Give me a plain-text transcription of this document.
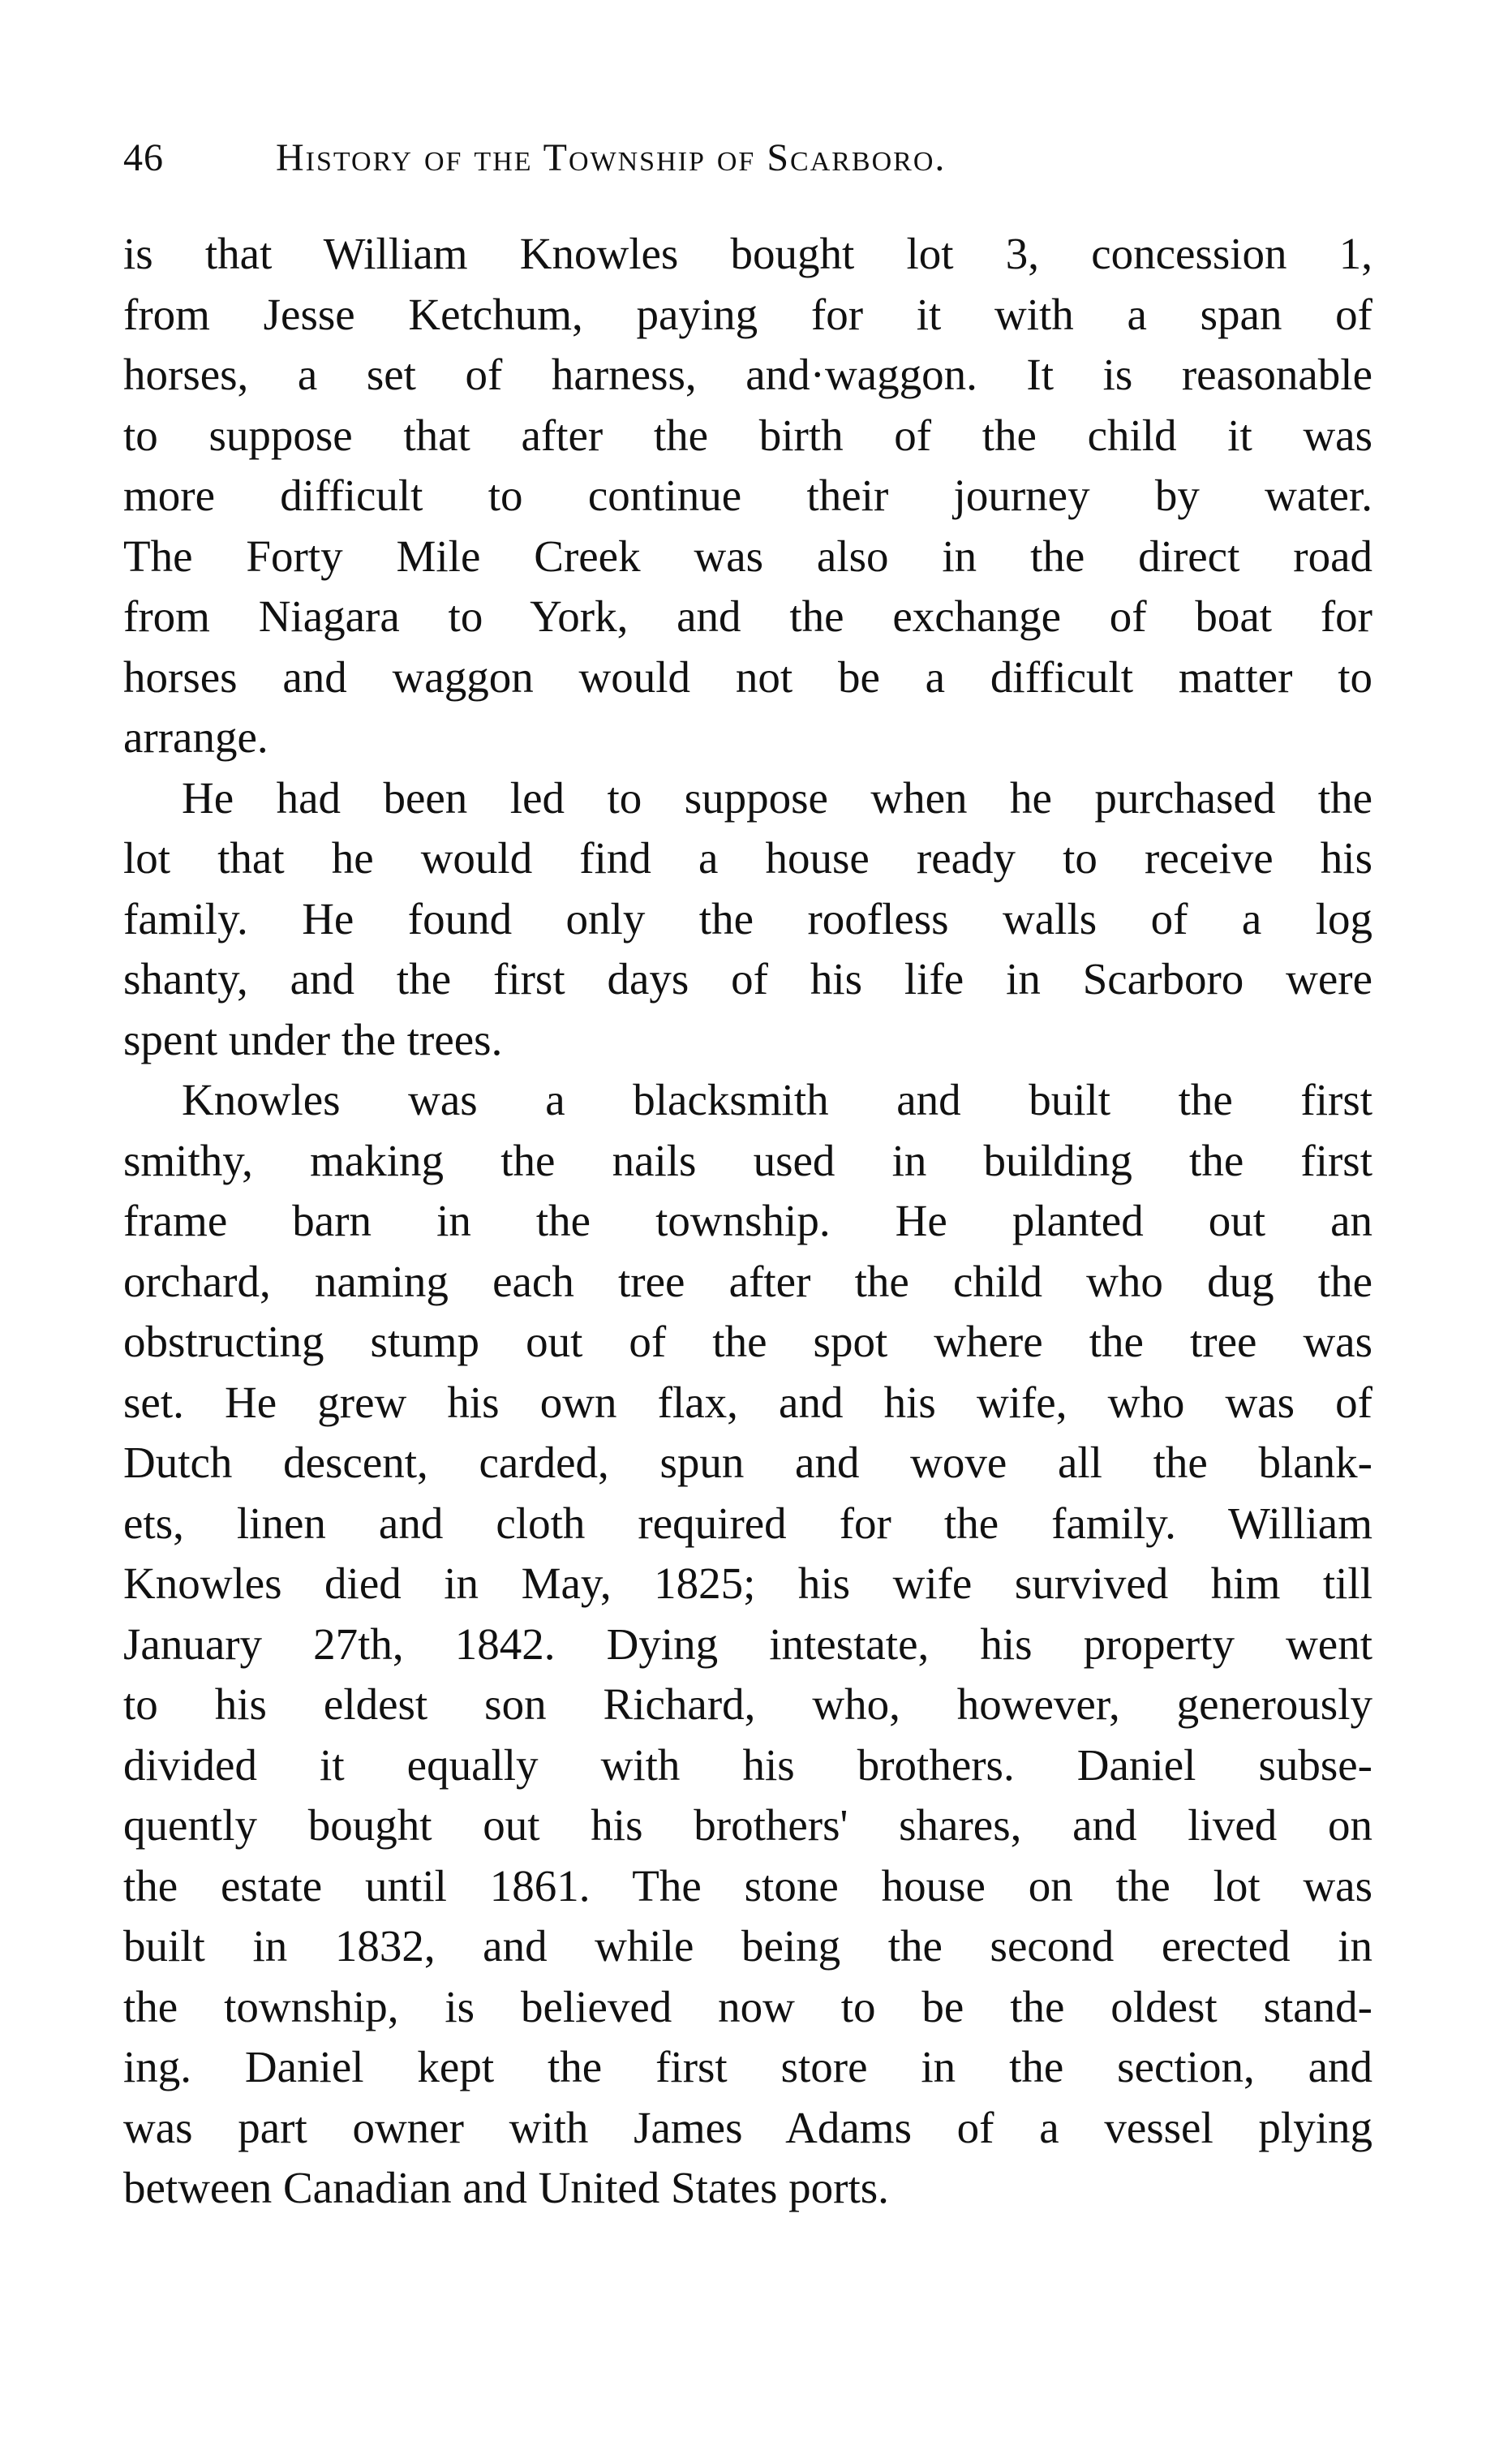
46	History of the Township of Scarboro.
is that William Knowles bought lot 3, concession 1,
from Jesse Ketchum, paying for it with a span of
horses, a set of harness, and·waggon. It is reasonable
to suppose that after the birth of the child it was
more difficult to continue their journey by water.
The Forty Mile Creek was also in the direct road
from Niagara to York, and the exchange of boat for
horses and waggon would not be a difficult matter to
arrange.
He had been led to suppose when he purchased the
lot that he would find a house ready to receive his
family. He found only the roofless walls of a log
shanty, and the first days of his life in Scarboro were
spent under the trees.
Knowles was a blacksmith and built the first
smithy, making the nails used in building the first
frame barn in the township. He planted out an
orchard, naming each tree after the child who dug the
obstructing stump out of the spot where the tree was
set. He grew his own flax, and his wife, who was of
Dutch descent, carded, spun and wove all the blank-
ets, linen and cloth required for the family. William
Knowles died in May, 1825; his wife survived him till
January 27th, 1842. Dying intestate, his property went
to his eldest son Richard, who, however, generously
divided it equally with his brothers. Daniel subse-
quently bought out his brothers' shares, and lived on
the estate until 1861. The stone house on the lot was
built in 1832, and while being the second erected in
the township, is believed now to be the oldest stand-
ing. Daniel kept the first store in the section, and
was part owner with James Adams of a vessel plying
between Canadian and United States ports.
